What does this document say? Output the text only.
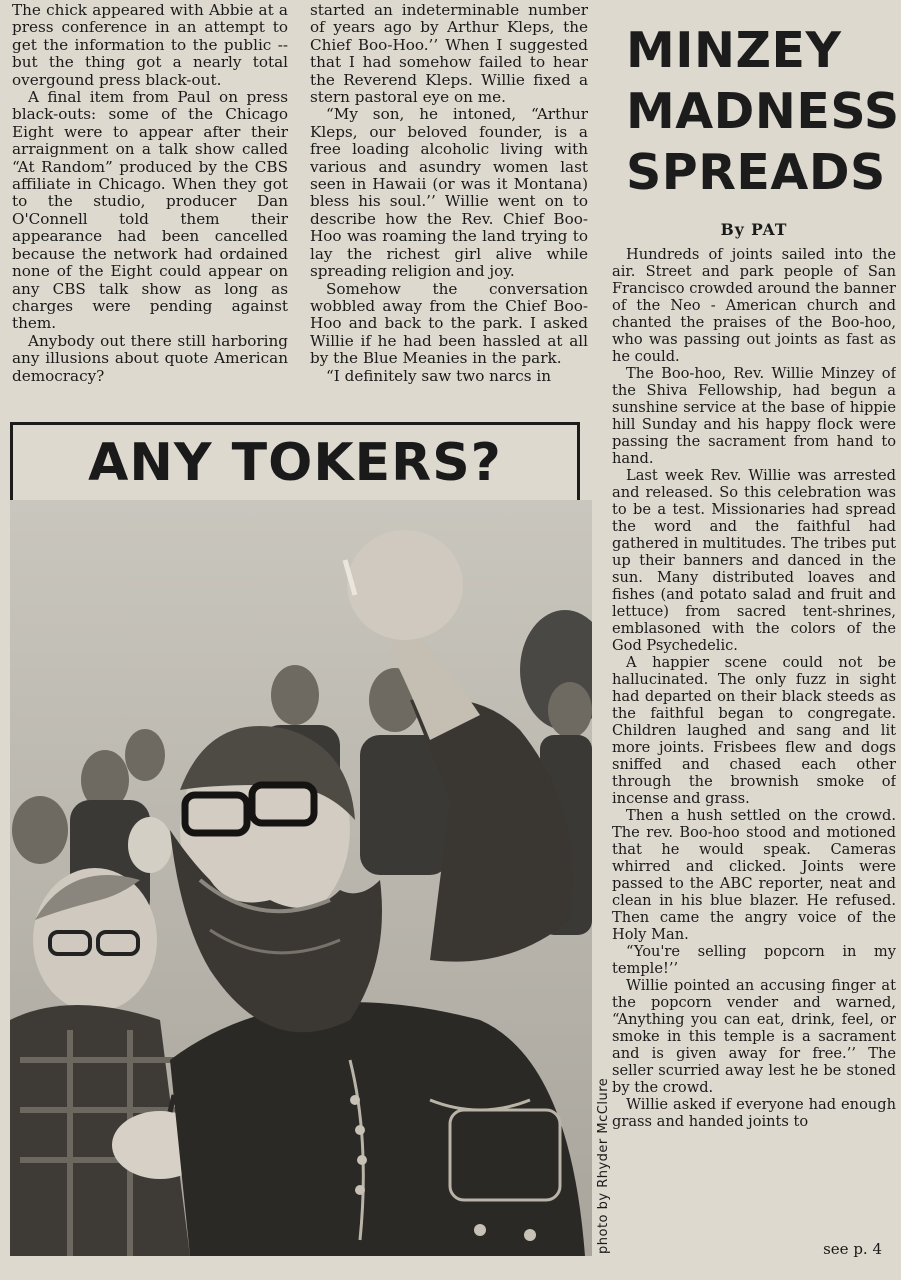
The chick appeared with Abbie at a press conference in an attempt to get the information to the public -- but the thing got a nearly total overgound press black-out.

A final item from Paul on press black-outs: some of the Chicago Eight were to appear after their arraignment on a talk show called “At Random” produced by the CBS affiliate in Chicago. When they got to the studio, producer Dan O'Connell told them their appearance had been cancelled because the network had ordained none of the Eight could appear on any CBS talk show as long as charges were pending against them.

Anybody out there still harboring any illusions about quote American democracy?

started an indeterminable number of years ago by Arthur Kleps, the Chief Boo-Hoo.’’ When I suggested that I had somehow failed to hear the Reverend Kleps. Willie fixed a stern pastoral eye on me.

“My son, he intoned, “Arthur Kleps, our beloved founder, is a free loading alcoholic living with various and asundry women last seen in Hawaii (or was it Montana) bless his soul.’’ Willie went on to describe how the Rev. Chief Boo-Hoo was roaming the land trying to lay the richest girl alive while spreading religion and joy.

Somehow the conversation wobbled away from the Chief Boo-Hoo and back to the park. I asked Willie if he had been hassled at all by the Blue Meanies in the park.

“I definitely saw two narcs in

MINZEY
MADNESS
SPREADS
By PAT

Hundreds of joints sailed into the air. Street and park people of San Francisco crowded around the banner of the Neo - American church and chanted the praises of the Boo-hoo, who was passing out joints as fast as he could.

The Boo-hoo, Rev. Willie Minzey of the Shiva Fellowship, had begun a sunshine service at the base of hippie hill Sunday and his happy flock were passing the sacrament from hand to hand.

Last week Rev. Willie was arrested and released. So this celebration was to be a test. Missionaries had spread the word and the faithful had gathered in multitudes. The tribes put up their banners and danced in the sun. Many distributed loaves and fishes (and potato salad and fruit and lettuce) from sacred tent-shrines, emblasoned with the colors of the God Psychedelic.

A happier scene could not be hallucinated. The only fuzz in sight had departed on their black steeds as the faithful began to congregate. Children laughed and sang and lit more joints. Frisbees flew and dogs sniffed and chased each other through the brownish smoke of incense and grass.

Then a hush settled on the crowd. The rev. Boo-hoo stood and motioned that he would speak. Cameras whirred and clicked. Joints were passed to the ABC reporter, neat and clean in his blue blazer. He refused. Then came the angry voice of the Holy Man.

“You're selling popcorn in my temple!’’

Willie pointed an accusing finger at the popcorn vender and warned, “Anything you can eat, drink, feel, or smoke in this temple is a sacrament and is given away for free.’’ The seller scurried away lest he be stoned by the crowd.

Willie asked if everyone had enough grass and handed joints to

see p. 4
ANY TOKERS?
photo by Rhyder McClure
